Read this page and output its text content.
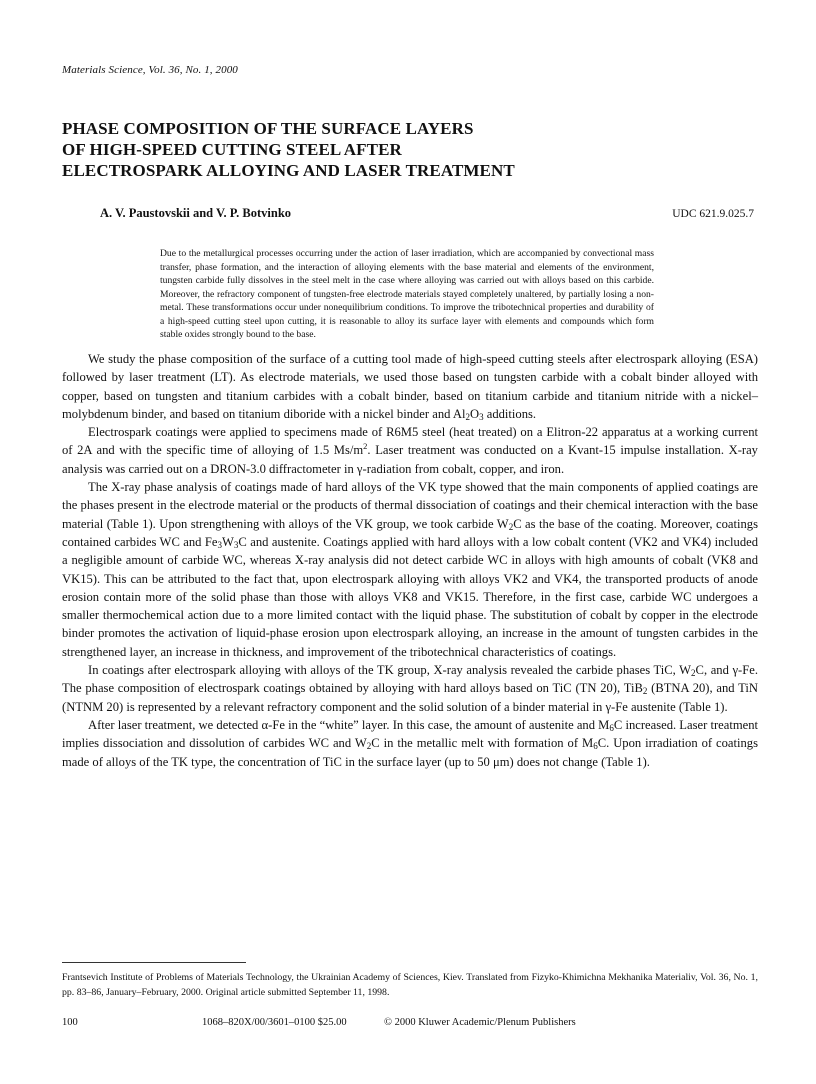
Materials Science, Vol. 36, No. 1, 2000
PHASE COMPOSITION OF THE SURFACE LAYERS
OF HIGH-SPEED CUTTING STEEL AFTER
ELECTROSPARK ALLOYING AND LASER TREATMENT
A. V. Paustovskii and V. P. Botvinko	UDC 621.9.025.7
Due to the metallurgical processes occurring under the action of laser irradiation, which are accompanied by convectional mass transfer, phase formation, and the interaction of alloying elements with the base material and elements of the environment, tungsten carbide fully dissolves in the steel melt in the case where alloying was carried out with alloys based on this carbide. Moreover, the refractory component of tungsten-free electrode materials stayed completely unaltered, by partially losing a non-metal. These transformations occur under nonequilibrium conditions. To improve the tribotechnical properties and durability of a high-speed cutting steel upon cutting, it is reasonable to alloy its surface layer with elements and compounds which form stable oxides strongly bound to the base.

We study the phase composition of the surface of a cutting tool made of high-speed cutting steels after electrospark alloying (ESA) followed by laser treatment (LT). As electrode materials, we used those based on tungsten carbide with a cobalt binder alloyed with copper, based on tungsten and titanium carbides with a cobalt binder, based on titanium carbide and titanium nitride with a nickel–molybdenum binder, and based on titanium diboride with a nickel binder and $Al_2O_3$ additions.

Electrospark coatings were applied to specimens made of R6M5 steel (heat treated) on a Elitron-22 apparatus at a working current of 2A and with the specific time of alloying of 1.5 $Ms/m^2$. Laser treatment was conducted on a Kvant-15 impulse installation. X-ray analysis was carried out on a DRON-3.0 diffractometer in γ-radiation from cobalt, copper, and iron.

The X-ray phase analysis of coatings made of hard alloys of the VK type showed that the main components of applied coatings are the phases present in the electrode material or the products of thermal dissociation of coatings and their chemical interaction with the base material (Table 1). Upon strengthening with alloys of the VK group, we took carbide $W_2C$ as the base of the coating. Moreover, coatings contained carbides WC and $Fe_3W_3C$ and austenite. Coatings applied with hard alloys with a low cobalt content (VK2 and VK4) included a negligible amount of carbide WC, whereas X-ray analysis did not detect carbide WC in alloys with high amounts of cobalt (VK8 and VK15). This can be attributed to the fact that, upon electrospark alloying with alloys VK2 and VK4, the transported products of anode erosion contain more of the solid phase than those with alloys VK8 and VK15. Therefore, in the first case, carbide WC undergoes a smaller thermochemical action due to a more limited contact with the liquid phase. The substitution of cobalt by copper in the electrode binder promotes the activation of liquid-phase erosion upon electrospark alloying, an increase in the amount of tungsten carbides in the strengthened layer, an increase in thickness, and improvement of the tribotechnical characteristics of coatings.

In coatings after electrospark alloying with alloys of the TK group, X-ray analysis revealed the carbide phases TiC, $W_2C$, and γ-Fe. The phase composition of electrospark coatings obtained by alloying with hard alloys based on TiC (TN 20), TiB$_2$ (BTNA 20), and TiN (NTNM 20) is represented by a relevant refractory component and the solid solution of a binder material in γ-Fe austenite (Table 1).

After laser treatment, we detected α-Fe in the “white” layer. In this case, the amount of austenite and $M_6C$ increased. Laser treatment implies dissociation and dissolution of carbides WC and $W_2C$ in the metallic melt with formation of $M_6C$. Upon irradiation of coatings made of alloys of the TK type, the concentration of TiC in the surface layer (up to 50 μm) does not change (Table 1).

Frantsevich Institute of Problems of Materials Technology, the Ukrainian Academy of Sciences, Kiev. Translated from Fizyko-Khimichna Mekhanika Materialiv, Vol. 36, No. 1, pp. 83–86, January–February, 2000. Original article submitted September 11, 1998.
100	1068–820X/00/3601–0100 $25.00	© 2000 Kluwer Academic/Plenum Publishers
